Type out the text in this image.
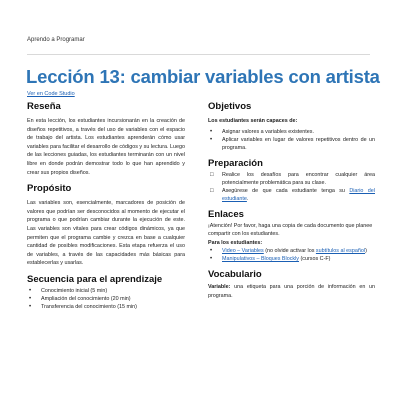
Aprendo a Programar
Lección 13: cambiar variables con artista
Ver en Code Studio
Reseña

En esta lección, los estudiantes incursionarán en la creación de diseños repetitivos, a través del uso de variables con el espacio de trabajo del artista. Los estudiantes aprenderán cómo usar variables para facilitar el desarrollo de códigos y su lectura. Luego de las lecciones guiadas, los estudiantes terminarán con un nivel libre en donde podrán demostrar todo lo que han aprendido y crear sus propios diseños.

Propósito

Las variables son, esencialmente, marcadores de posición de valores que podrían ser desconocidos al momento de ejecutar el programa o que podrían cambiar durante la ejecución de este. Las variables son vitales para crear códigos dinámicos, ya que permiten que el programa cambie y crezca en base a cualquier cantidad de posibles modificaciones. Esta etapa refuerza el uso de variables, a través de las capacidades más básicas para establecerlas y usarlas.

Secuencia para el aprendizaje
• Conocimiento inicial (5 min)
• Ampliación del conocimiento (20 min)
• Transferencia del conocimiento (15 min)
Objetivos

Los estudiantes serán capaces de:

• Asignar valores a variables existentes.
• Aplicar variables en lugar de valores repetitivos dentro de un programa.
Preparación
□ Realice los desafíos para encontrar cualquier área potencialmente problemática para su clase.
□ Asegúrese de que cada estudiante tenga su Diario del estudiante.
Enlaces

¡Atención! Por favor, haga una copia de cada documento que planee compartir con los estudiantes.

Para los estudiantes:

• Video – Variables (no olvide activar los subtítulos al español)
• Manipulativos – Bloques Blockly (cursos C-F)
Vocabulario

Variable: una etiqueta para una porción de información en un programa.
